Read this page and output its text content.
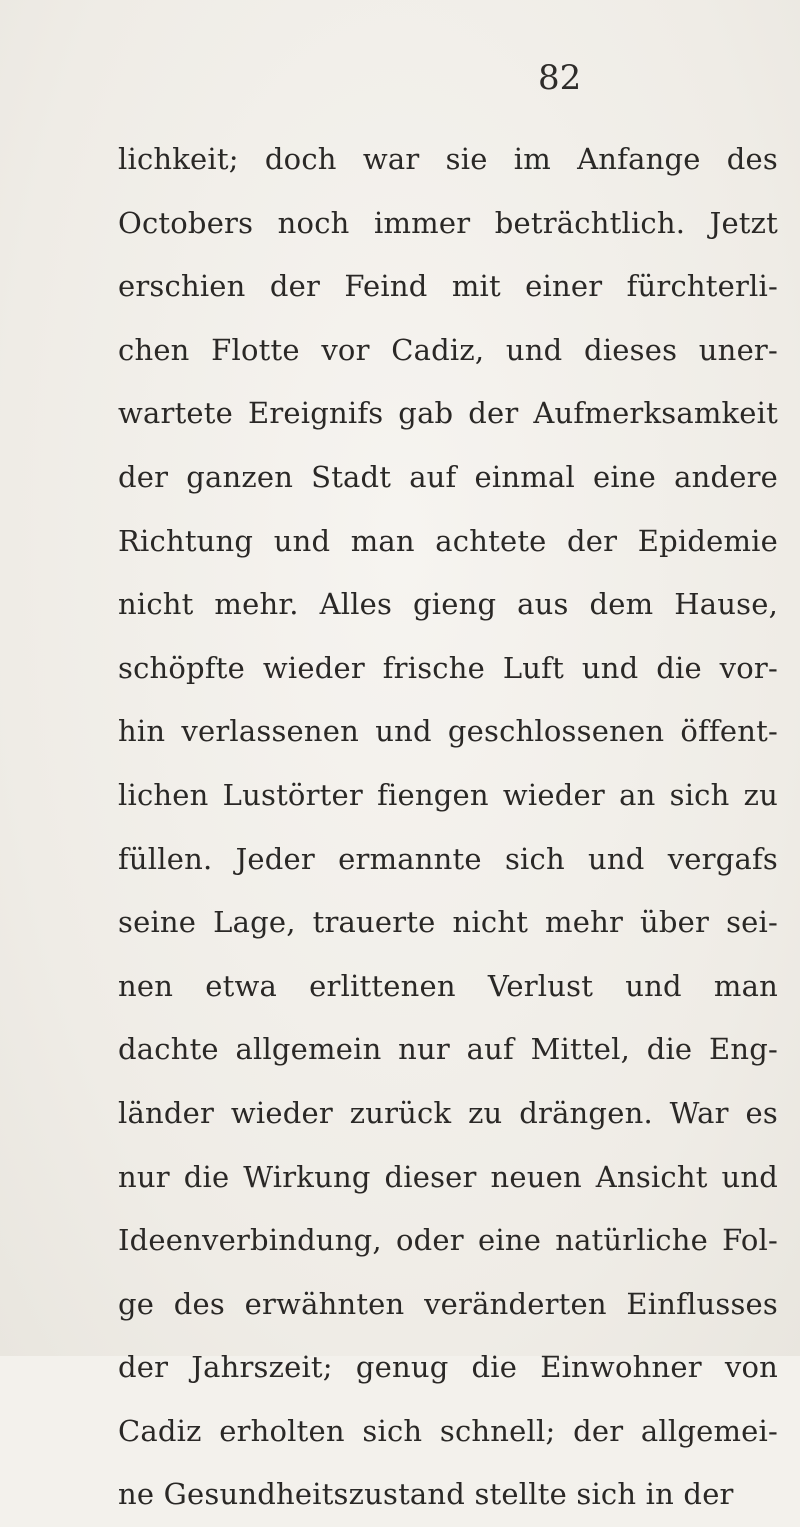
82
lichkeit; doch war sie im Anfange des
Octobers noch immer beträchtlich. Jetzt
erschien der Feind mit einer fürchterli-
chen Flotte vor Cadiz, und dieses uner-
wartete Ereignifs gab der Aufmerksamkeit
der ganzen Stadt auf einmal eine andere
Richtung und man achtete der Epidemie
nicht mehr. Alles gieng aus dem Hause,
schöpfte wieder frische Luft und die vor-
hin verlassenen und geschlossenen öffent-
lichen Lustörter fiengen wieder an sich zu
füllen. Jeder ermannte sich und vergafs
seine Lage, trauerte nicht mehr über sei-
nen etwa erlittenen Verlust und man
dachte allgemein nur auf Mittel, die Eng-
länder wieder zurück zu drängen. War es
nur die Wirkung dieser neuen Ansicht und
Ideenverbindung, oder eine natürliche Fol-
ge des erwähnten veränderten Einflusses
der Jahrszeit; genug die Einwohner von
Cadiz erholten sich schnell; der allgemei-
ne Gesundheitszustand stellte sich in der
